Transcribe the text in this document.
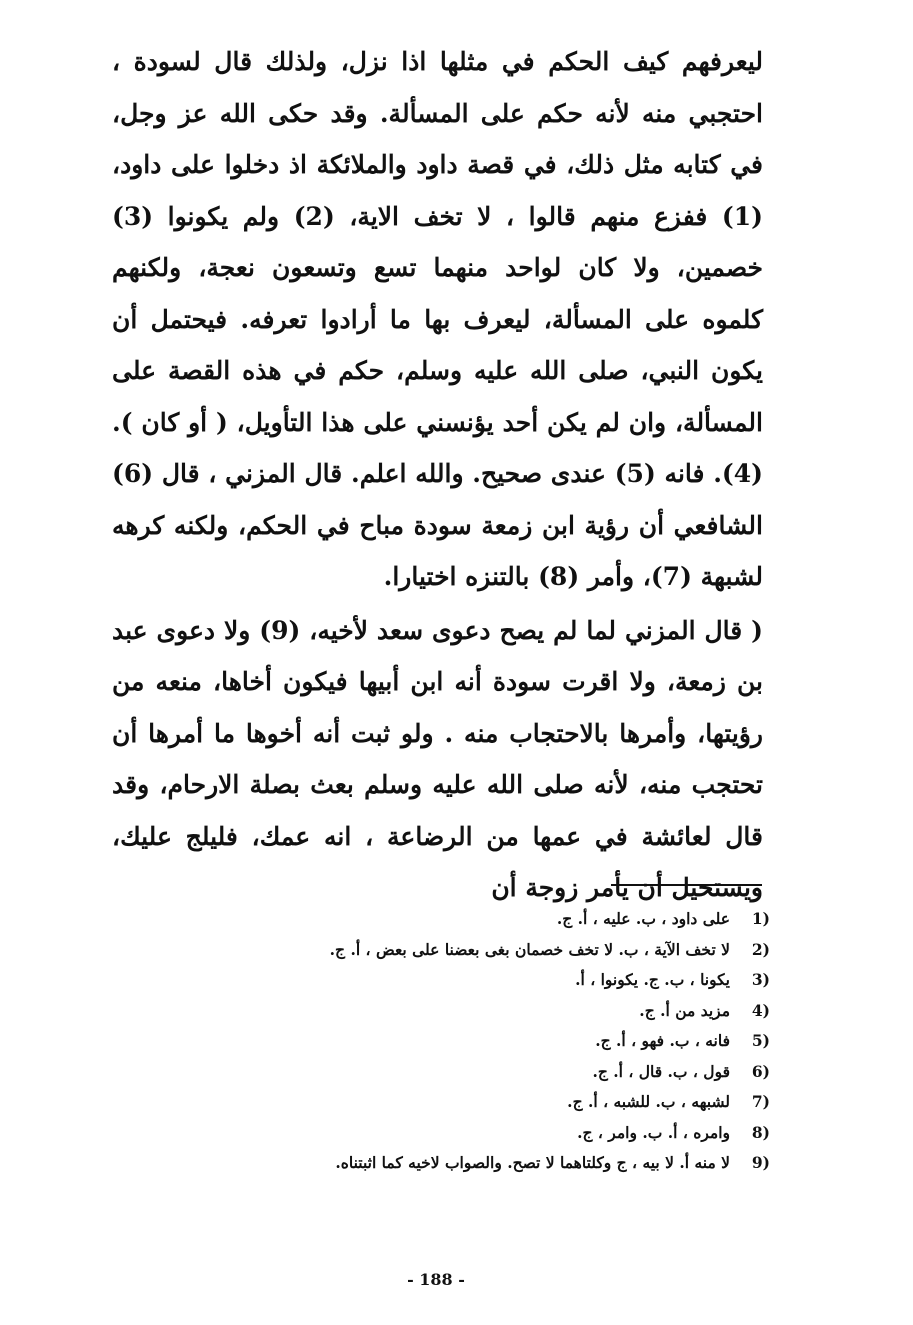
ليعرفهم كيف الحكم في مثلها اذا نزل، ولذلك قال لسودة ، احتجبي منه لأنه حكم على المسألة. وقد حكى الله عز وجل، في كتابه مثل ذلك، في قصة داود والملائكة اذ دخلوا على داود، (1) ففزع منهم قالوا ، لا تخف الاية، (2) ولم يكونوا (3) خصمين، ولا كان لواحد منهما تسع وتسعون نعجة، ولكنهم كلموه على المسألة، ليعرف بها ما أرادوا تعرفه. فيحتمل أن يكون النبي، صلى الله عليه وسلم، حكم في هذه القصة على المسألة، وان لم يكن أحد يؤنسني على هذا التأويل، ( أو كان ). (4). فانه (5) عندى صحيح. والله اعلم. قال المزني ، قال (6) الشافعي أن رؤية ابن زمعة سودة مباح في الحكم، ولكنه كرهه لشبهة (7)، وأمر (8) بالتنزه اختيارا.

( قال المزني لما لم يصح دعوى سعد لأخيه، (9) ولا دعوى عبد بن زمعة، ولا اقرت سودة أنه ابن أبيها فيكون أخاها، منعه من رؤيتها، وأمرها بالاحتجاب منه . ولو ثبت أنه أخوها ما أمرها أن تحتجب منه، لأنه صلى الله عليه وسلم بعث بصلة الارحام، وقد قال لعائشة في عمها من الرضاعة ، انه عمك، فليلج عليك، ويستحيل أن يأمر زوجة أن

1)
على داود ، ب. عليه ، أ. ج.
2)
لا تخف الآية ، ب. لا تخف خصمان بغى بعضنا على بعض ، أ. ج.
3)
يكونا ، ب. ج. يكونوا ، أ.
4)
مزيد من أ. ج.
5)
فانه ، ب. فهو ، أ. ج.
6)
قول ، ب. قال ، أ. ج.
7)
لشبهه ، ب. للشبه ، أ. ج.
8)
وامره ، أ. ب. وامر ، ج.
9)
لا منه أ. لا بيه ، ج وكلتاهما لا تصح. والصواب لاخيه كما اثبتناه.
- 188 -
